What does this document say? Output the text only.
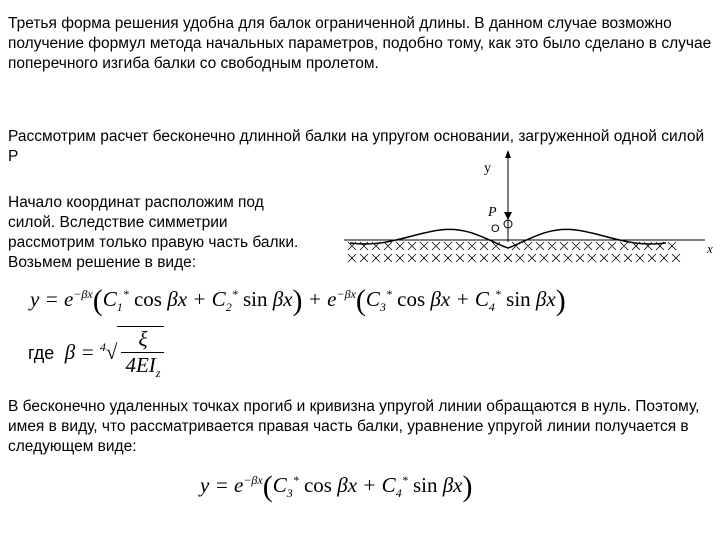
Третья форма решения удобна для балок ограниченной длины. В данном случае возможно получение формул метода начальных параметров, подобно тому, как это было сделано в случае поперечного изгиба балки со свободным пролетом.

Рассмотрим расчет бесконечно длинной балки на упругом основании, загруженной одной силой P

Начало координат расположим под силой. Вследствие симметрии рассмотрим только правую часть балки. Возьмем решение в виде:

y
P
O
x
$y = e^{-\beta x}(C_1^*$ $\cos \beta x + C_2^*$ $\sin \beta x) + e^{-\beta x}(C_3^*$ $\cos \beta x + C_4^*$ sin βx)
где  $\beta = ^4√ \frac{\xi}{4EI_z}$

В бесконечно удаленных точках прогиб и кривизна упругой линии обращаются в нуль. Поэтому, имея в виду, что рассматривается правая часть балки, уравнение упругой линии получается в следующем виде:

$y = e^{-\beta x}(C_3^*$ $\cos \beta x + C_4^*$ sin βx)
